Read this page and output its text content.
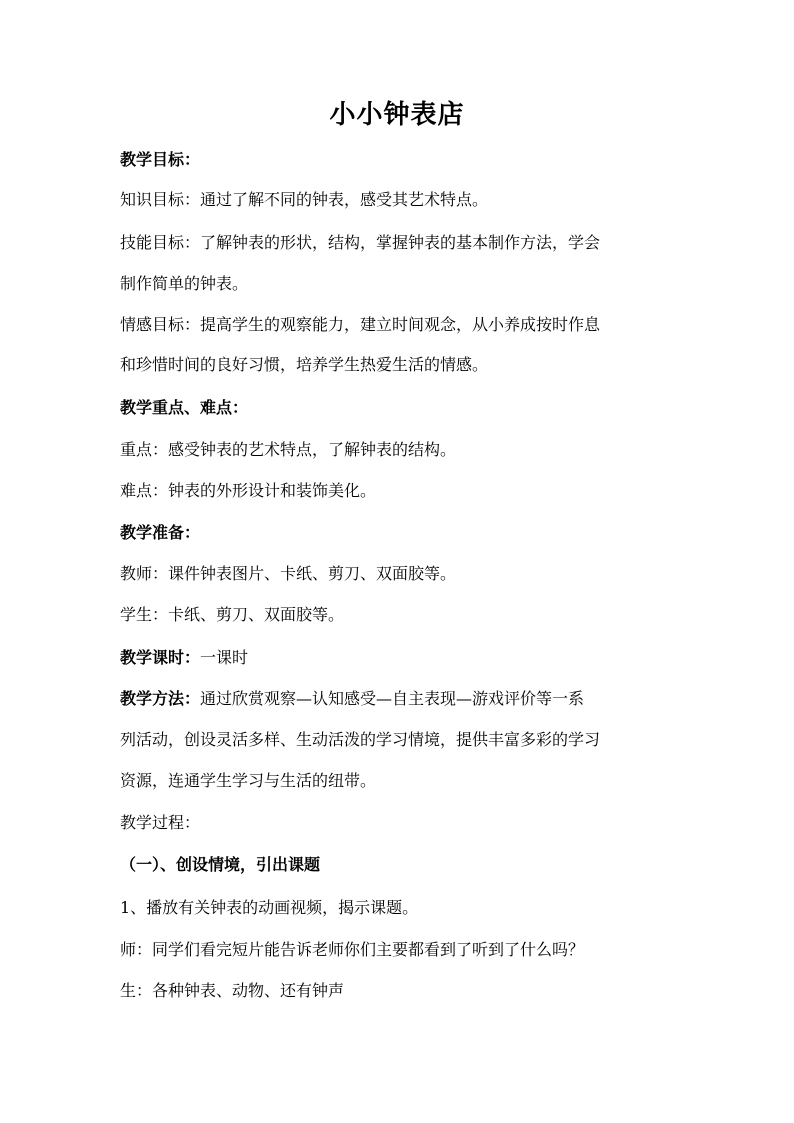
小小钟表店
教学目标：
知识目标：通过了解不同的钟表，感受其艺术特点。
技能目标：了解钟表的形状，结构，掌握钟表的基本制作方法，学会
制作简单的钟表。
情感目标：提高学生的观察能力，建立时间观念，从小养成按时作息
和珍惜时间的良好习惯，培养学生热爱生活的情感。
教学重点、难点：
重点：感受钟表的艺术特点，了解钟表的结构。
难点：钟表的外形设计和装饰美化。
教学准备：
教师：课件钟表图片、卡纸、剪刀、双面胶等。
学生：卡纸、剪刀、双面胶等。
教学课时：一课时
教学方法：通过欣赏观察—认知感受—自主表现—游戏评价等一系
列活动，创设灵活多样、生动活泼的学习情境，提供丰富多彩的学习
资源，连通学生学习与生活的纽带。
教学过程：
（一）、创设情境，引出课题
1、播放有关钟表的动画视频，揭示课题。
师：同学们看完短片能告诉老师你们主要都看到了听到了什么吗？
生：各种钟表、动物、还有钟声
